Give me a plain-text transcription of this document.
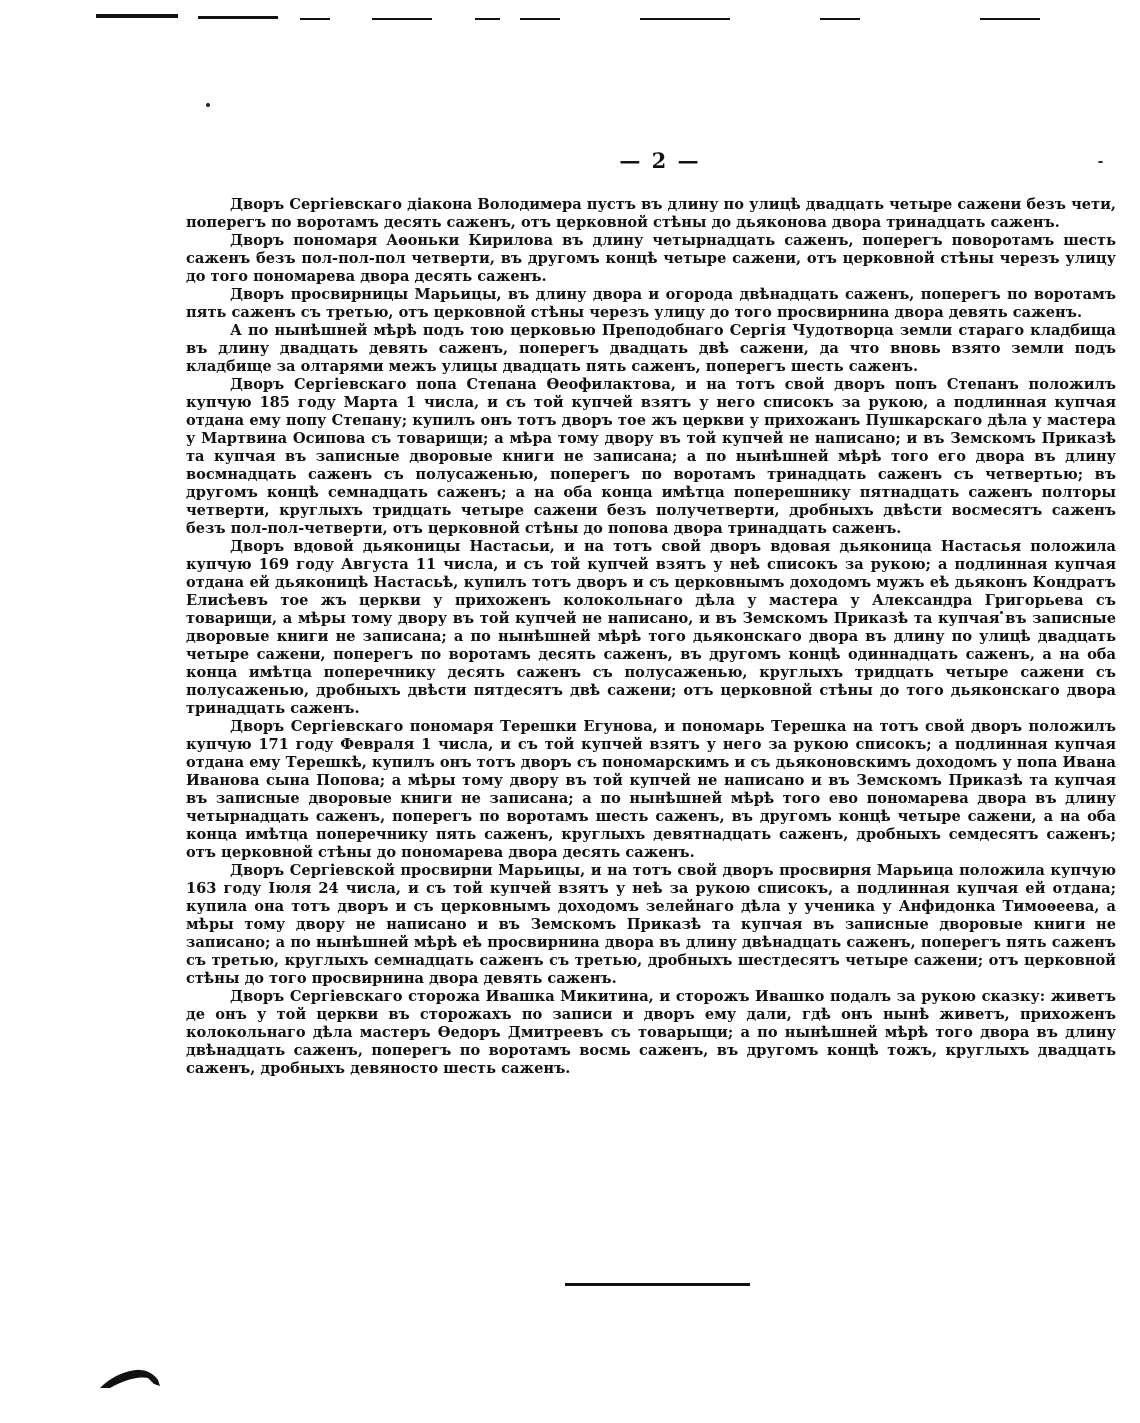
— 2 —

Дворъ Сергіевскаго діакона Володимера пустъ въ длину по улицѣ двадцать четыре сажени безъ чети, поперегъ по воротамъ десять саженъ, отъ церковной стѣны до дьяконова двора тринадцать саженъ.

Дворъ пономаря Аѳоньки Кирилова въ длину четырнадцать саженъ, поперегъ поворотамъ шесть саженъ безъ пол-пол-пол четверти, въ другомъ концѣ четыре сажени, отъ церковной стѣны черезъ улицу до того пономарева двора десять саженъ.

Дворъ просвирницы Марьицы, въ длину двора и огорода двѣнадцать саженъ, поперегъ по воротамъ пять саженъ съ третью, отъ церковной стѣны черезъ улицу до того просвирнина двора девять саженъ.

А по нынѣшней мѣрѣ подъ тою церковью Преподобнаго Сергія Чудотворца земли стараго кладбища въ длину двадцать девять саженъ, поперегъ двадцать двѣ сажени, да что вновь взято земли подъ кладбище за олтарями межъ улицы двадцать пять саженъ, поперегъ шесть саженъ.

Дворъ Сергіевскаго попа Степана Ѳеофилактова, и на тотъ свой дворъ попъ Степанъ положилъ купчую 185 году Марта 1 числа, и съ той купчей взятъ у него списокъ за рукою, а подлинная купчая отдана ему попу Степану; купилъ онъ тотъ дворъ тое жъ церкви у прихожанъ Пушкарскаго дѣла у мастера у Мартвина Осипова съ товарищи; а мѣра тому двору въ той купчей не написано; и въ Земскомъ Приказѣ та купчая въ записные дворовые книги не записана; а по нынѣшней мѣрѣ того его двора въ длину восмнадцать саженъ съ полусаженью, поперегъ по воротамъ тринадцать саженъ съ четвертью; въ другомъ концѣ семнадцать саженъ; а на оба конца имѣтца поперешнику пятнадцать саженъ полторы четверти, круглыхъ тридцать четыре сажени безъ получетверти, дробныхъ двѣсти восмесятъ саженъ безъ пол-пол-четверти, отъ церковной стѣны до попова двора тринадцать саженъ.

Дворъ вдовой дьяконицы Настасьи, и на тотъ свой дворъ вдовая дьяконица Настасья положила купчую 169 году Августа 11 числа, и съ той купчей взятъ у неѣ списокъ за рукою; а подлинная купчая отдана ей дьяконицѣ Настасьѣ, купилъ тотъ дворъ и съ церковнымъ доходомъ мужъ еѣ дьяконъ Кондратъ Елисѣевъ тое жъ церкви у прихоженъ колокольнаго дѣла у мастера у Александра Григорьева съ товарищи, а мѣры тому двору въ той купчей не написано, и въ Земскомъ Приказѣ та купчая въ записные дворовые книги не записана; а по нынѣшней мѣрѣ того дьяконскаго двора въ длину по улицѣ двадцать четыре сажени, поперегъ по воротамъ десять саженъ, въ другомъ концѣ одиннадцать саженъ, а на оба конца имѣтца поперечнику десять саженъ съ полусаженью, круглыхъ тридцать четыре сажени съ полусаженью, дробныхъ двѣсти пятдесятъ двѣ сажени; отъ церковной стѣны до того дьяконскаго двора тринадцать саженъ.

Дворъ Сергіевскаго пономаря Терешки Егунова, и пономарь Терешка на тотъ свой дворъ положилъ купчую 171 году Февраля 1 числа, и съ той купчей взятъ у него за рукою списокъ; а подлинная купчая отдана ему Терешкѣ, купилъ онъ тотъ дворъ съ пономарскимъ и съ дьяконовскимъ доходомъ у попа Ивана Иванова сына Попова; а мѣры тому двору въ той купчей не написано и въ Земскомъ Приказѣ та купчая въ записные дворовые книги не записана; а по нынѣшней мѣрѣ того ево пономарева двора въ длину четырнадцать саженъ, поперегъ по воротамъ шесть саженъ, въ другомъ концѣ четыре сажени, а на оба конца имѣтца поперечнику пять саженъ, круглыхъ девятнадцать саженъ, дробныхъ семдесятъ саженъ; отъ церковной стѣны до пономарева двора десять саженъ.

Дворъ Сергіевской просвирни Марьицы, и на тотъ свой дворъ просвирня Марьица положила купчую 163 году Іюля 24 числа, и съ той купчей взятъ у неѣ за рукою списокъ, а подлинная купчая ей отдана; купила она тотъ дворъ и съ церковнымъ доходомъ зелейнаго дѣла у ученика у Анфидонка Тимоѳеева, а мѣры тому двору не написано и въ Земскомъ Приказѣ та купчая въ записные дворовые книги не записано; а по нынѣшней мѣрѣ еѣ просвирнина двора въ длину двѣнадцать саженъ, поперегъ пять саженъ съ третью, круглыхъ семнадцать саженъ съ третью, дробныхъ шестдесятъ четыре сажени; отъ церковной стѣны до того просвирнина двора девять саженъ.

Дворъ Сергіевскаго сторожа Ивашка Микитина, и сторожъ Ивашко подалъ за рукою сказку: живетъ де онъ у той церкви въ сторожахъ по записи и дворъ ему дали, гдѣ онъ нынѣ живетъ, прихоженъ колокольнаго дѣла мастеръ Ѳедоръ Дмитреевъ съ товарыщи; а по нынѣшней мѣрѣ того двора въ длину двѣнадцать саженъ, поперегъ по воротамъ восмь саженъ, въ другомъ концѣ тожъ, круглыхъ двадцать саженъ, дробныхъ девяносто шесть саженъ.
